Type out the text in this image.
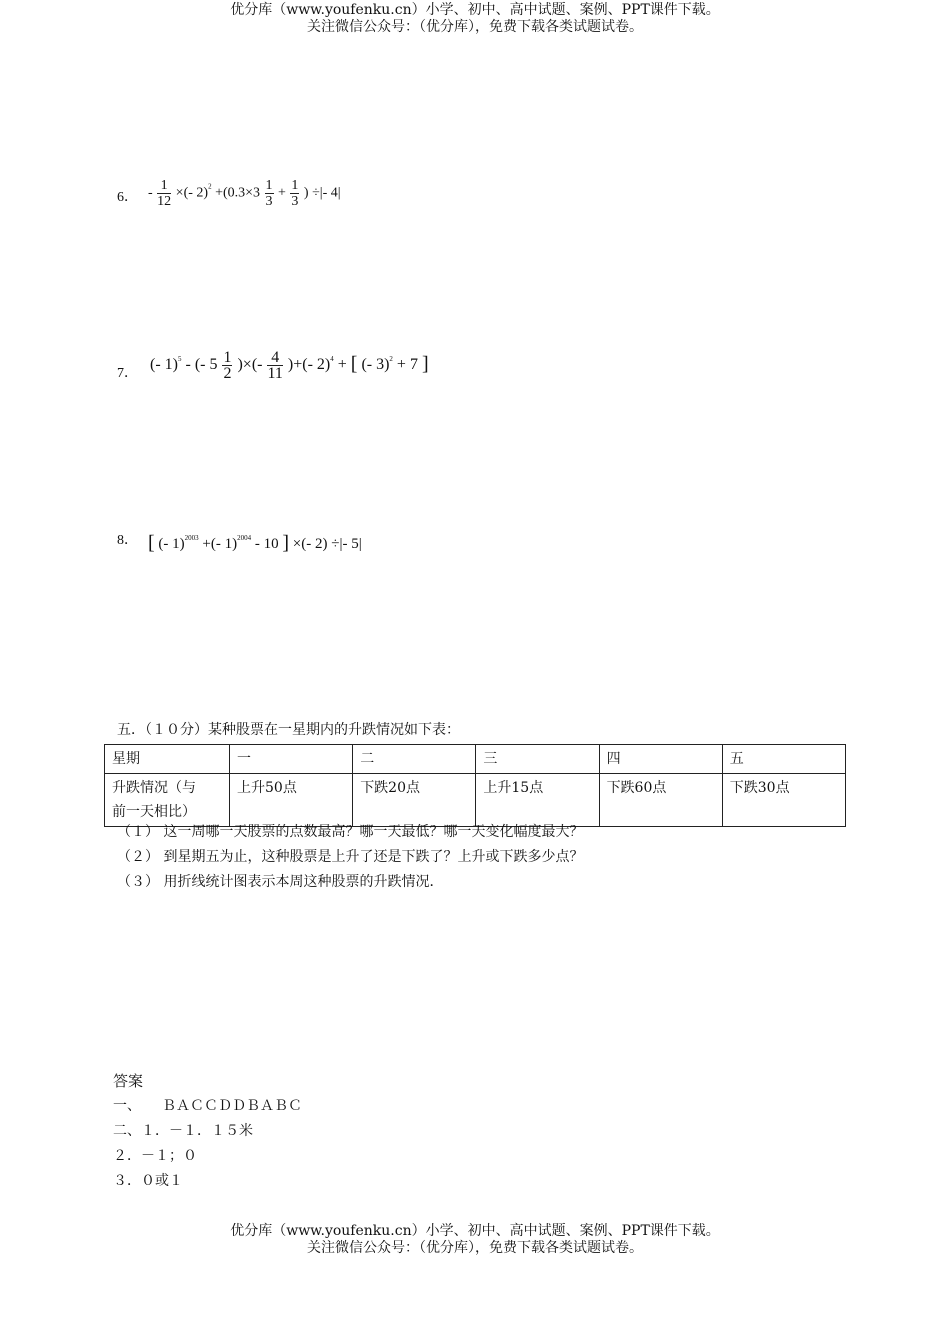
优分库（www.youfenku.cn）小学、初中、高中试题、案例、PPT课件下载。
关注微信公众号：（优分库），免费下载各类试题试卷。
6． - $\frac{1}{12}$ ×(- $2)^2 +(0.3\times 3 \frac{1}{3} + \frac{1}{3}$ ) ÷|- 4|
7．
(- 1)$^5$ - (- $5 \frac{1}{2}$ )×(- $\frac{4}{11}$ )+(- 2)$^4$ + [ (- 3)$^2$ + 7 ]
8． [ (- 1)$^{2003}$ +(- 1)$^{2004}$ - 10 ] ×(- 2) ÷|- 5|
五．（１０分）某种股票在一星期内的升跌情况如下表：
星期	一	二	三	四	五

升跌情况（与
前一天相比）	上升50点	下跌20点	上升15点	下跌60点	下跌30点
（１） 这一周哪一天股票的点数最高？哪一天最低？哪一天变化幅度最大？
（２） 到星期五为止，这种股票是上升了还是下跌了？上升或下跌多少点？
（３） 用折线统计图表示本周这种股票的升跌情况．
答案
一、　　ＢＡＣＣＤＤＢＡＢＣ
二、１．－１．１５米
２．－１；０
３．０或１
优分库（www.youfenku.cn）小学、初中、高中试题、案例、PPT课件下载。
关注微信公众号：（优分库），免费下载各类试题试卷。
